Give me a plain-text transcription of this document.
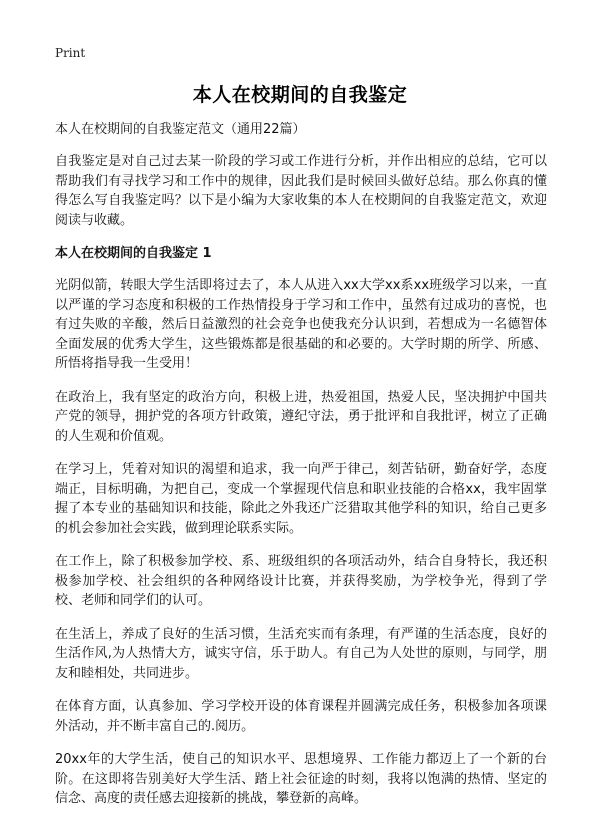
Print
本人在校期间的自我鉴定

本人在校期间的自我鉴定范文（通用22篇）

自我鉴定是对自己过去某一阶段的学习或工作进行分析，并作出相应的总结，它可以帮助我们有寻找学习和工作中的规律，因此我们是时候回头做好总结。那么你真的懂得怎么写自我鉴定吗？以下是小编为大家收集的本人在校期间的自我鉴定范文，欢迎阅读与收藏。

本人在校期间的自我鉴定 1

光阴似箭，转眼大学生活即将过去了，本人从进入xx大学xx系xx班级学习以来，一直以严谨的学习态度和积极的工作热情投身于学习和工作中，虽然有过成功的喜悦，也有过失败的辛酸，然后日益激烈的社会竞争也使我充分认识到，若想成为一名德智体全面发展的优秀大学生，这些锻炼都是很基础的和必要的。大学时期的所学、所感、所悟将指导我一生受用！

在政治上，我有坚定的政治方向，积极上进，热爱祖国，热爱人民，坚决拥护中国共产党的领导，拥护党的各项方针政策，遵纪守法，勇于批评和自我批评，树立了正确的人生观和价值观。

在学习上，凭着对知识的渴望和追求，我一向严于律己，刻苦钻研，勤奋好学，态度端正，目标明确，为把自己，变成一个掌握现代信息和职业技能的合格xx，我牢固掌握了本专业的基础知识和技能，除此之外我还广泛猎取其他学科的知识，给自己更多的机会参加社会实践，做到理论联系实际。

在工作上，除了积极参加学校、系、班级组织的各项活动外，结合自身特长，我还积极参加学校、社会组织的各种网络设计比赛，并获得奖励，为学校争光，得到了学校、老师和同学们的认可。

在生活上，养成了良好的生活习惯，生活充实而有条理，有严谨的生活态度，良好的生活作风,为人热情大方，诚实守信，乐于助人。有自己为人处世的原则，与同学，朋友和睦相处，共同进步。

在体育方面，认真参加、学习学校开设的体育课程并圆满完成任务，积极参加各项课外活动，并不断丰富自己的.阅历。

20xx年的大学生活，使自己的知识水平、思想境界、工作能力都迈上了一个新的台阶。在这即将告别美好大学生活、踏上社会征途的时刻，我将以饱满的热情、坚定的信念、高度的责任感去迎接新的挑战，攀登新的高峰。
